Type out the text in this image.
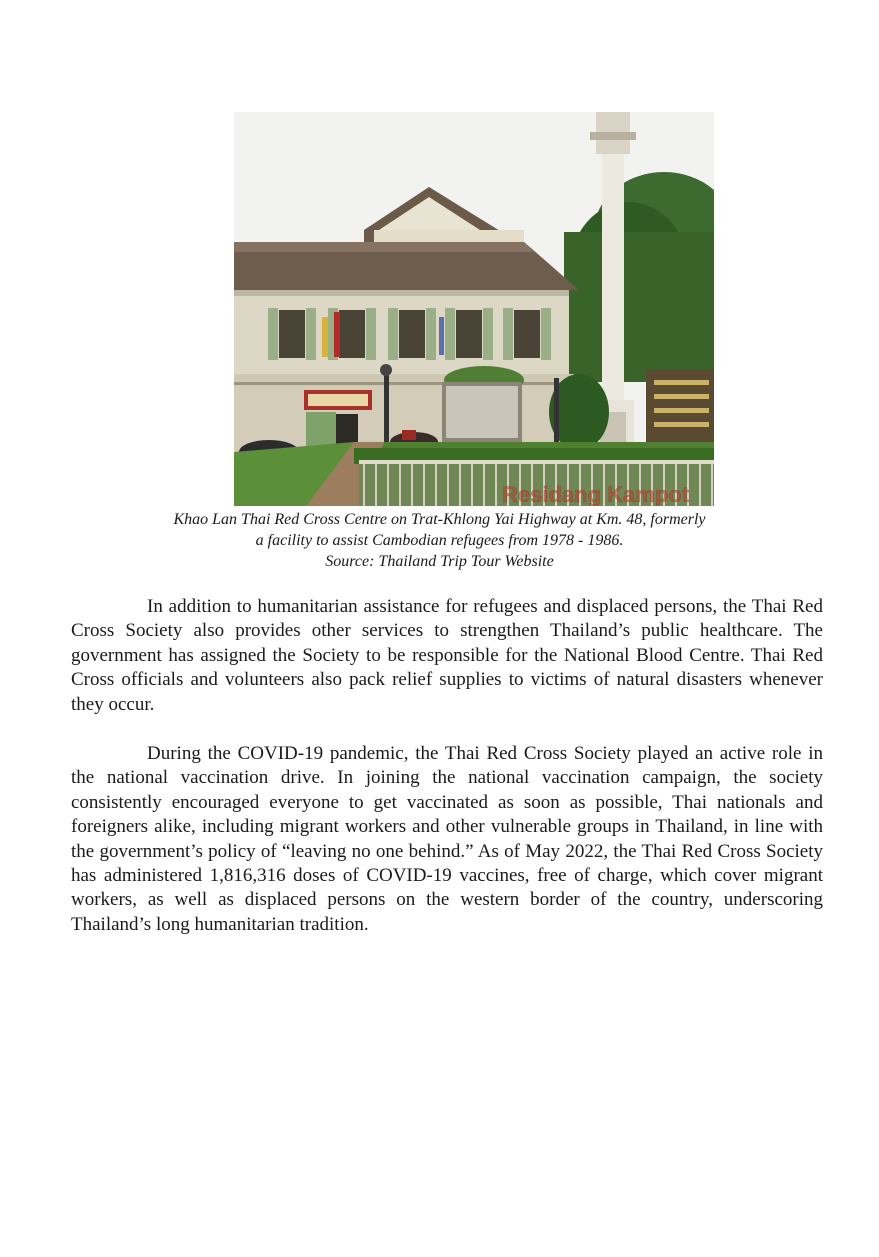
Residang Kampot
Khao Lan Thai Red Cross Centre on Trat-Khlong Yai Highway at Km. 48, formerly
a facility to assist Cambodian refugees from 1978 - 1986.
Source: Thailand Trip Tour Website

In addition to humanitarian assistance for refugees and displaced persons, the Thai Red Cross Society also provides other services to strengthen Thailand’s public healthcare. The government has assigned the Society to be responsible for the National Blood Centre. Thai Red Cross officials and volunteers also pack relief supplies to victims of natural disasters whenever they occur.

During the COVID-19 pandemic, the Thai Red Cross Society played an active role in the national vaccination drive. In joining the national vaccination campaign, the society consistently encouraged everyone to get vaccinated as soon as possible, Thai nationals and foreigners alike, including migrant workers and other vulnerable groups in Thailand, in line with the government’s policy of “leaving no one behind.” As of May 2022, the Thai Red Cross Society has administered 1,816,316 doses of COVID-19 vaccines, free of charge, which cover migrant workers, as well as displaced persons on the western border of the country, underscoring Thailand’s long humanitarian tradition.
